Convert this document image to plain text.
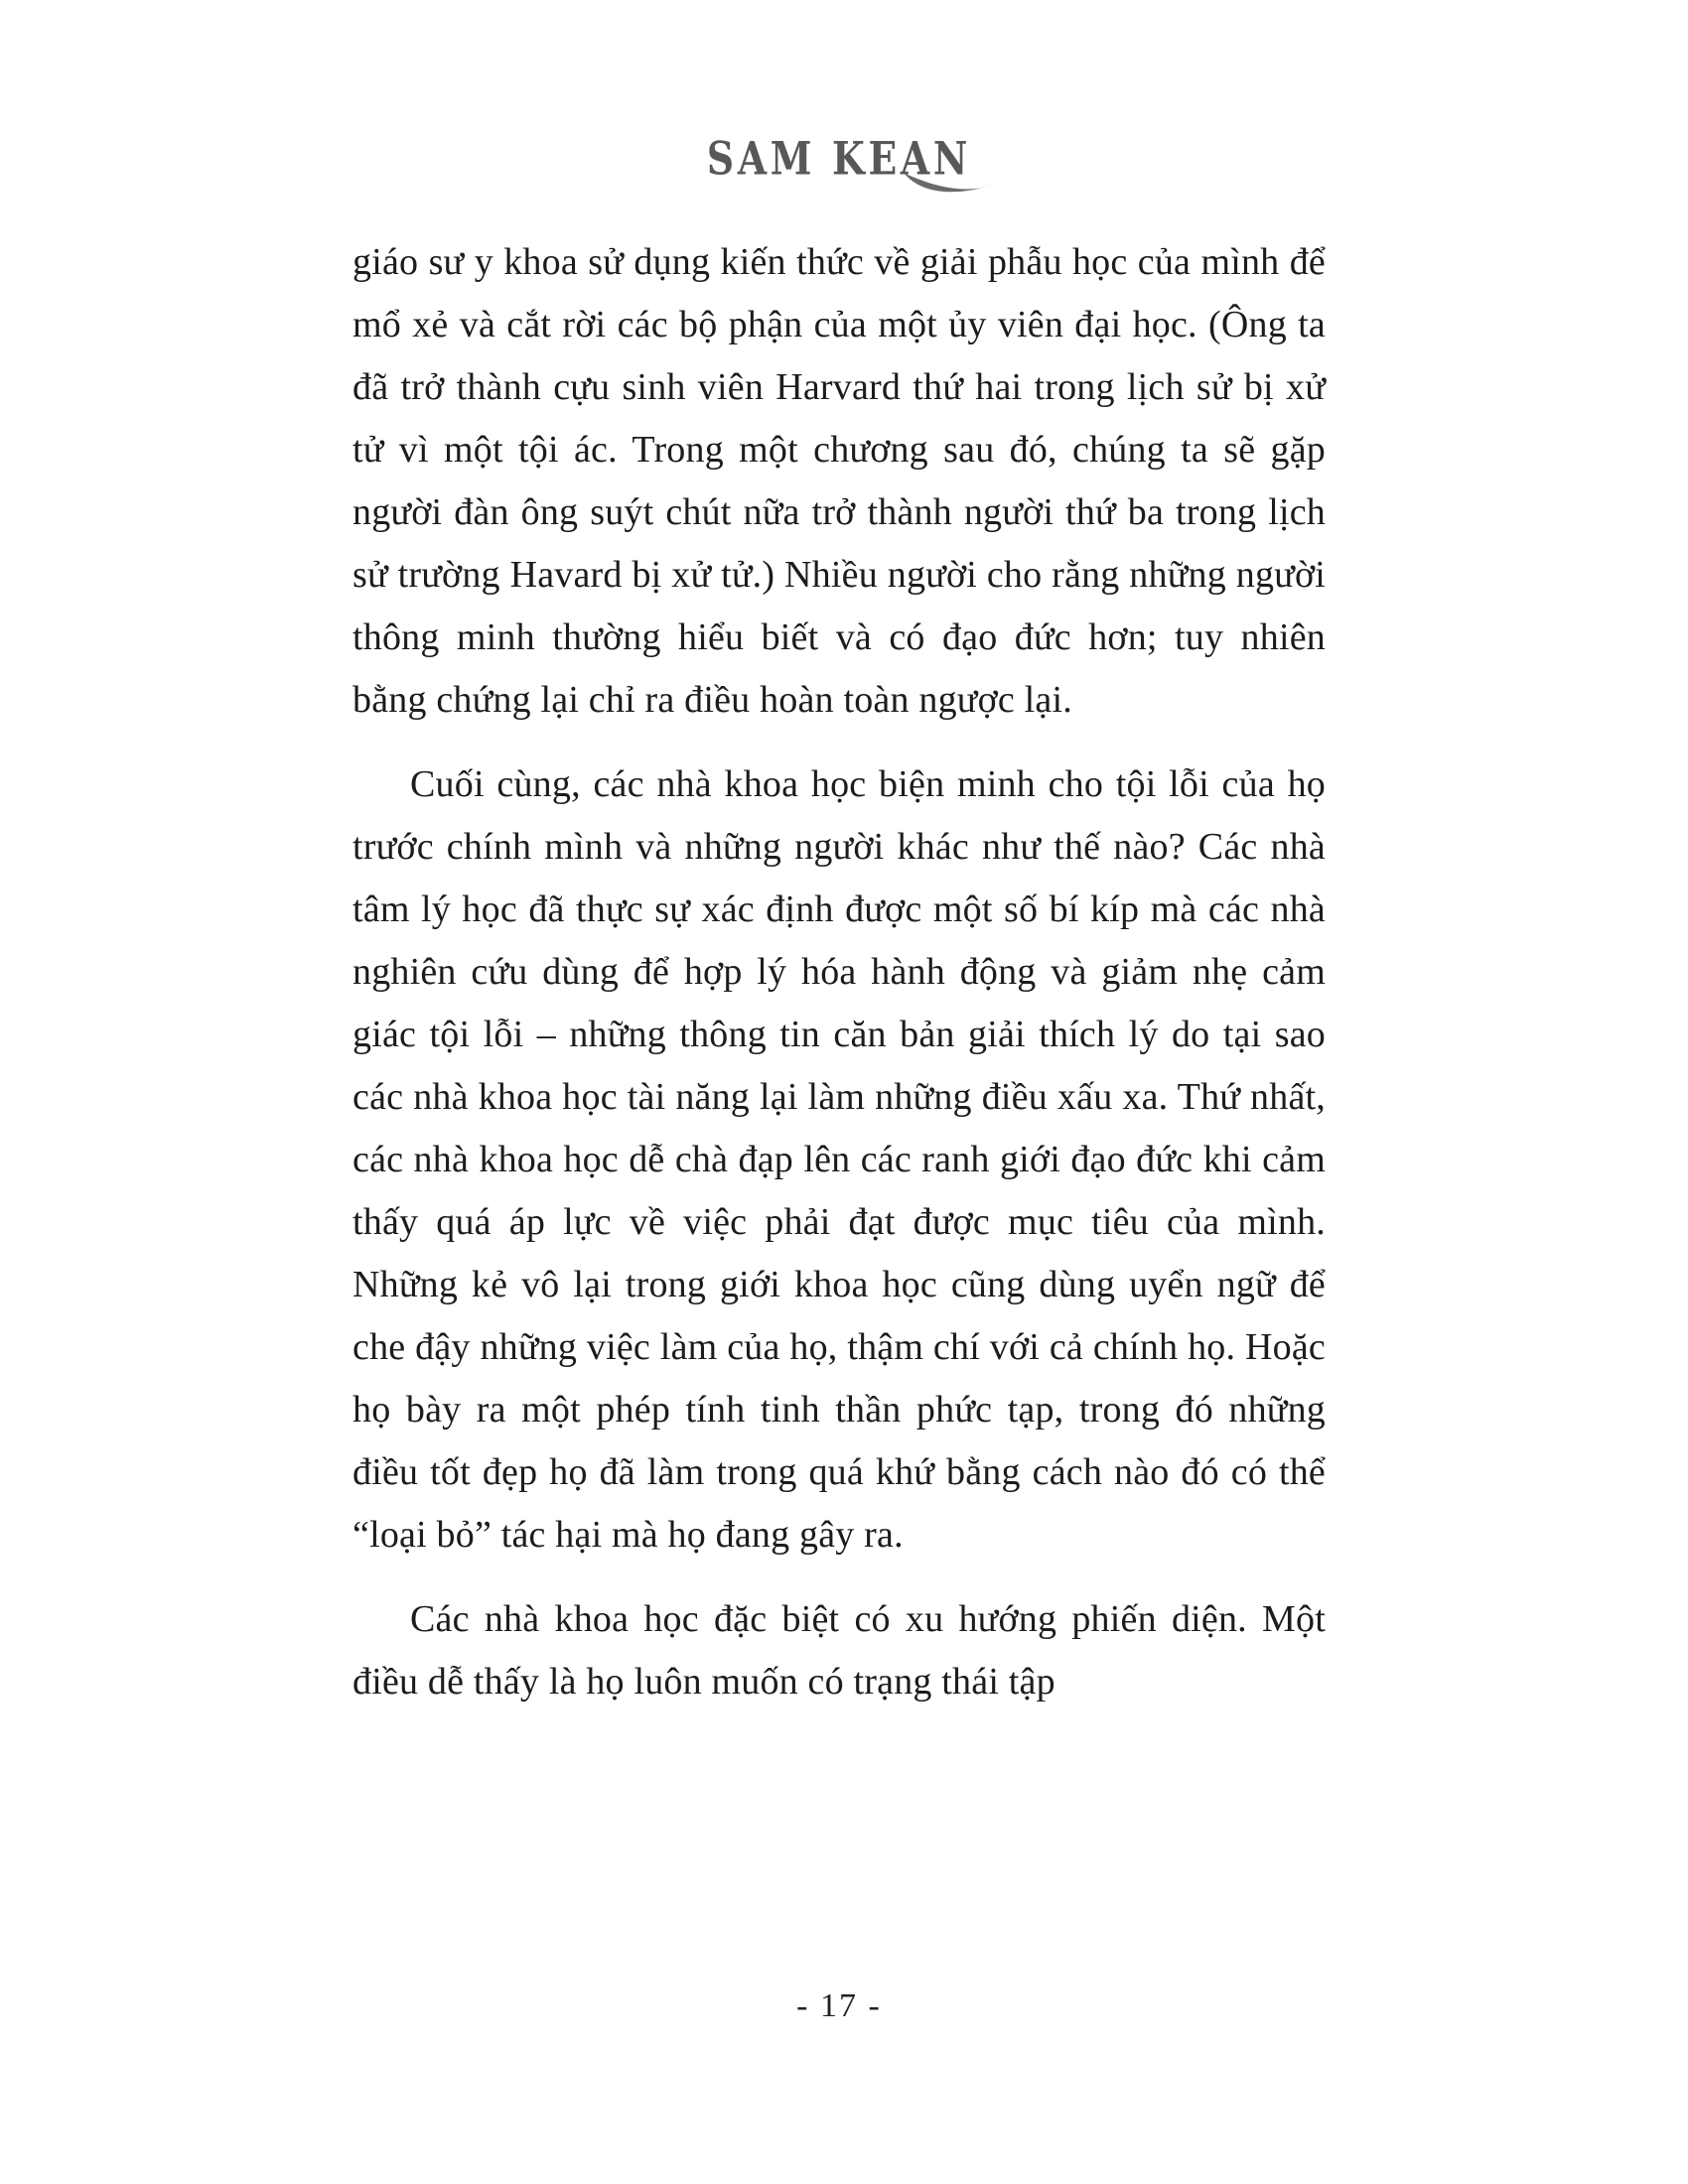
SAM KEAN

giáo sư y khoa sử dụng kiến thức về giải phẫu học của mình để mổ xẻ và cắt rời các bộ phận của một ủy viên đại học. (Ông ta đã trở thành cựu sinh viên Harvard thứ hai trong lịch sử bị xử tử vì một tội ác. Trong một chương sau đó, chúng ta sẽ gặp người đàn ông suýt chút nữa trở thành người thứ ba trong lịch sử trường Havard bị xử tử.) Nhiều người cho rằng những người thông minh thường hiểu biết và có đạo đức hơn; tuy nhiên bằng chứng lại chỉ ra điều hoàn toàn ngược lại.

Cuối cùng, các nhà khoa học biện minh cho tội lỗi của họ trước chính mình và những người khác như thế nào? Các nhà tâm lý học đã thực sự xác định được một số bí kíp mà các nhà nghiên cứu dùng để hợp lý hóa hành động và giảm nhẹ cảm giác tội lỗi – những thông tin căn bản giải thích lý do tại sao các nhà khoa học tài năng lại làm những điều xấu xa. Thứ nhất, các nhà khoa học dễ chà đạp lên các ranh giới đạo đức khi cảm thấy quá áp lực về việc phải đạt được mục tiêu của mình. Những kẻ vô lại trong giới khoa học cũng dùng uyển ngữ để che đậy những việc làm của họ, thậm chí với cả chính họ. Hoặc họ bày ra một phép tính tinh thần phức tạp, trong đó những điều tốt đẹp họ đã làm trong quá khứ bằng cách nào đó có thể “loại bỏ” tác hại mà họ đang gây ra.

Các nhà khoa học đặc biệt có xu hướng phiến diện. Một điều dễ thấy là họ luôn muốn có trạng thái tập

- 17 -
